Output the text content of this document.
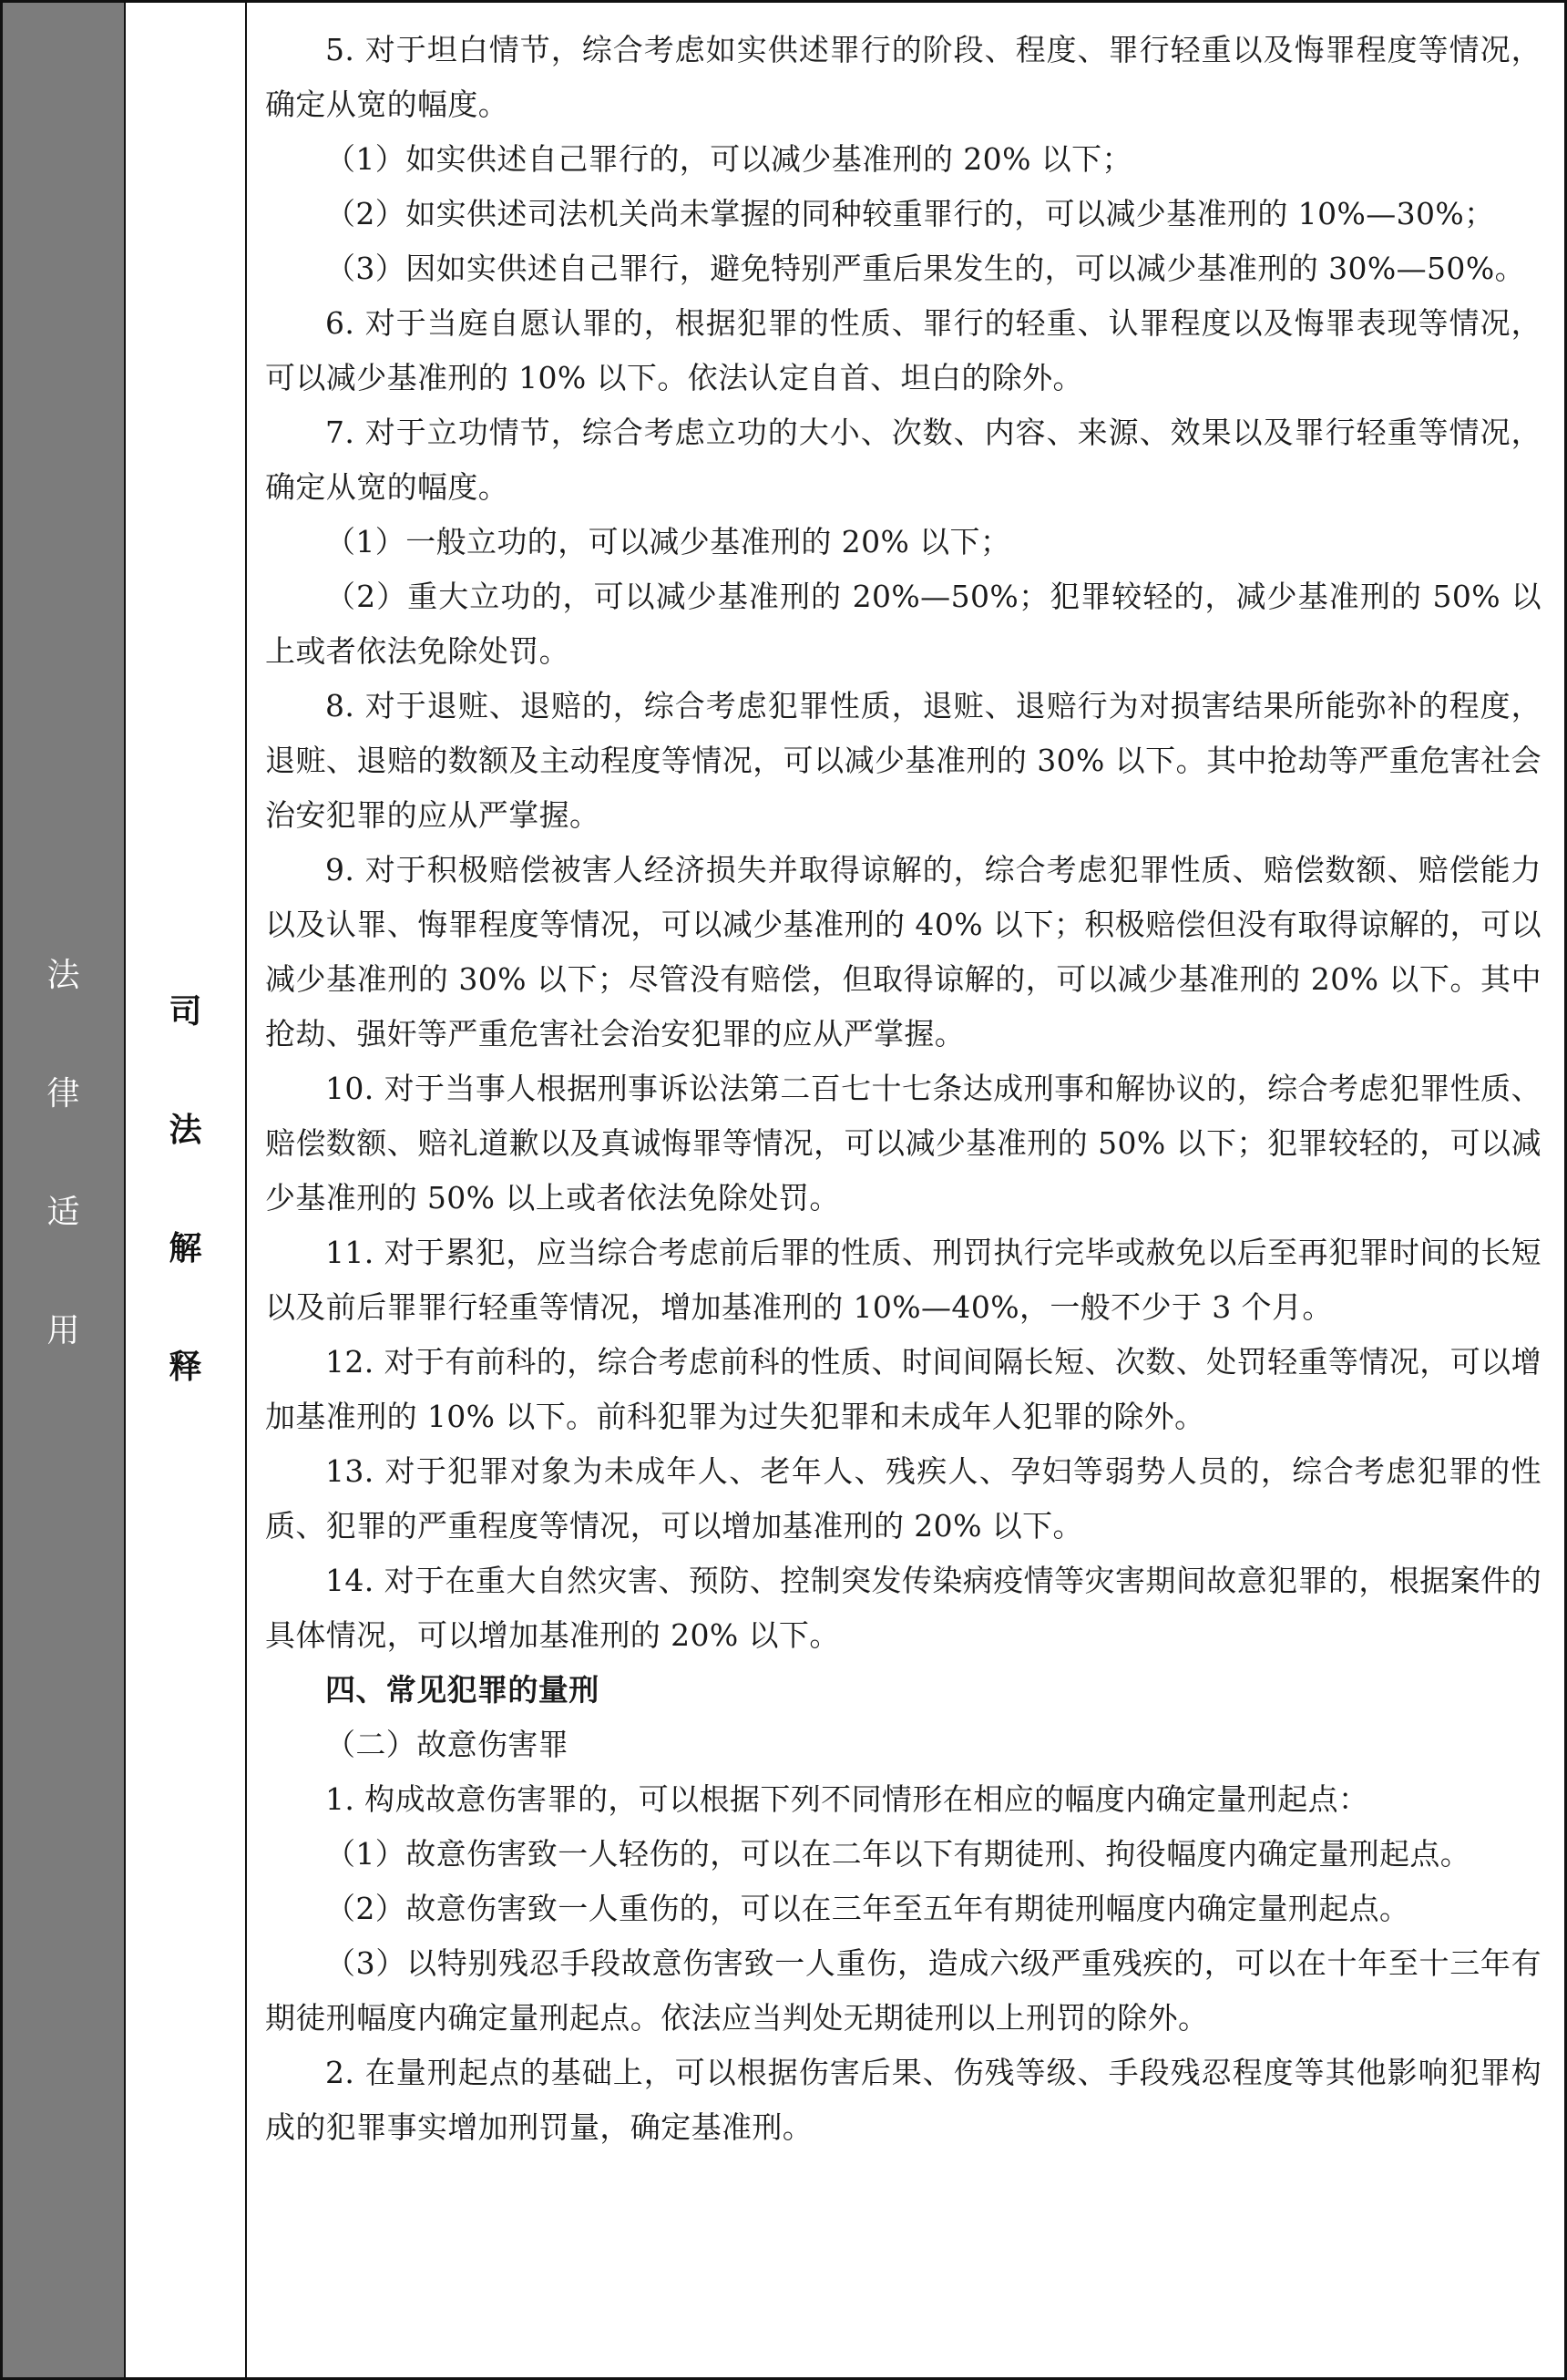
法
律
适
用
司
法
解
释

5. 对于坦白情节，综合考虑如实供述罪行的阶段、程度、罪行轻重以及悔罪程度等情况，确定从宽的幅度。

（1）如实供述自己罪行的，可以减少基准刑的 20% 以下；

（2）如实供述司法机关尚未掌握的同种较重罪行的，可以减少基准刑的 10%—30%；

（3）因如实供述自己罪行，避免特别严重后果发生的，可以减少基准刑的 30%—50%。

6. 对于当庭自愿认罪的，根据犯罪的性质、罪行的轻重、认罪程度以及悔罪表现等情况，可以减少基准刑的 10% 以下。依法认定自首、坦白的除外。

7. 对于立功情节，综合考虑立功的大小、次数、内容、来源、效果以及罪行轻重等情况，确定从宽的幅度。

（1）一般立功的，可以减少基准刑的 20% 以下；

（2）重大立功的，可以减少基准刑的 20%—50%；犯罪较轻的，减少基准刑的 50% 以上或者依法免除处罚。

8. 对于退赃、退赔的，综合考虑犯罪性质，退赃、退赔行为对损害结果所能弥补的程度，退赃、退赔的数额及主动程度等情况，可以减少基准刑的 30% 以下。其中抢劫等严重危害社会治安犯罪的应从严掌握。

9. 对于积极赔偿被害人经济损失并取得谅解的，综合考虑犯罪性质、赔偿数额、赔偿能力以及认罪、悔罪程度等情况，可以减少基准刑的 40% 以下；积极赔偿但没有取得谅解的，可以减少基准刑的 30% 以下；尽管没有赔偿，但取得谅解的，可以减少基准刑的 20% 以下。其中抢劫、强奸等严重危害社会治安犯罪的应从严掌握。

10. 对于当事人根据刑事诉讼法第二百七十七条达成刑事和解协议的，综合考虑犯罪性质、赔偿数额、赔礼道歉以及真诚悔罪等情况，可以减少基准刑的 50% 以下；犯罪较轻的，可以减少基准刑的 50% 以上或者依法免除处罚。

11. 对于累犯，应当综合考虑前后罪的性质、刑罚执行完毕或赦免以后至再犯罪时间的长短以及前后罪罪行轻重等情况，增加基准刑的 10%—40%，一般不少于 3 个月。

12. 对于有前科的，综合考虑前科的性质、时间间隔长短、次数、处罚轻重等情况，可以增加基准刑的 10% 以下。前科犯罪为过失犯罪和未成年人犯罪的除外。

13. 对于犯罪对象为未成年人、老年人、残疾人、孕妇等弱势人员的，综合考虑犯罪的性质、犯罪的严重程度等情况，可以增加基准刑的 20% 以下。

14. 对于在重大自然灾害、预防、控制突发传染病疫情等灾害期间故意犯罪的，根据案件的具体情况，可以增加基准刑的 20% 以下。

四、常见犯罪的量刑

（二）故意伤害罪

1. 构成故意伤害罪的，可以根据下列不同情形在相应的幅度内确定量刑起点：

（1）故意伤害致一人轻伤的，可以在二年以下有期徒刑、拘役幅度内确定量刑起点。

（2）故意伤害致一人重伤的，可以在三年至五年有期徒刑幅度内确定量刑起点。

（3）以特别残忍手段故意伤害致一人重伤，造成六级严重残疾的，可以在十年至十三年有期徒刑幅度内确定量刑起点。依法应当判处无期徒刑以上刑罚的除外。

2. 在量刑起点的基础上，可以根据伤害后果、伤残等级、手段残忍程度等其他影响犯罪构成的犯罪事实增加刑罚量，确定基准刑。
